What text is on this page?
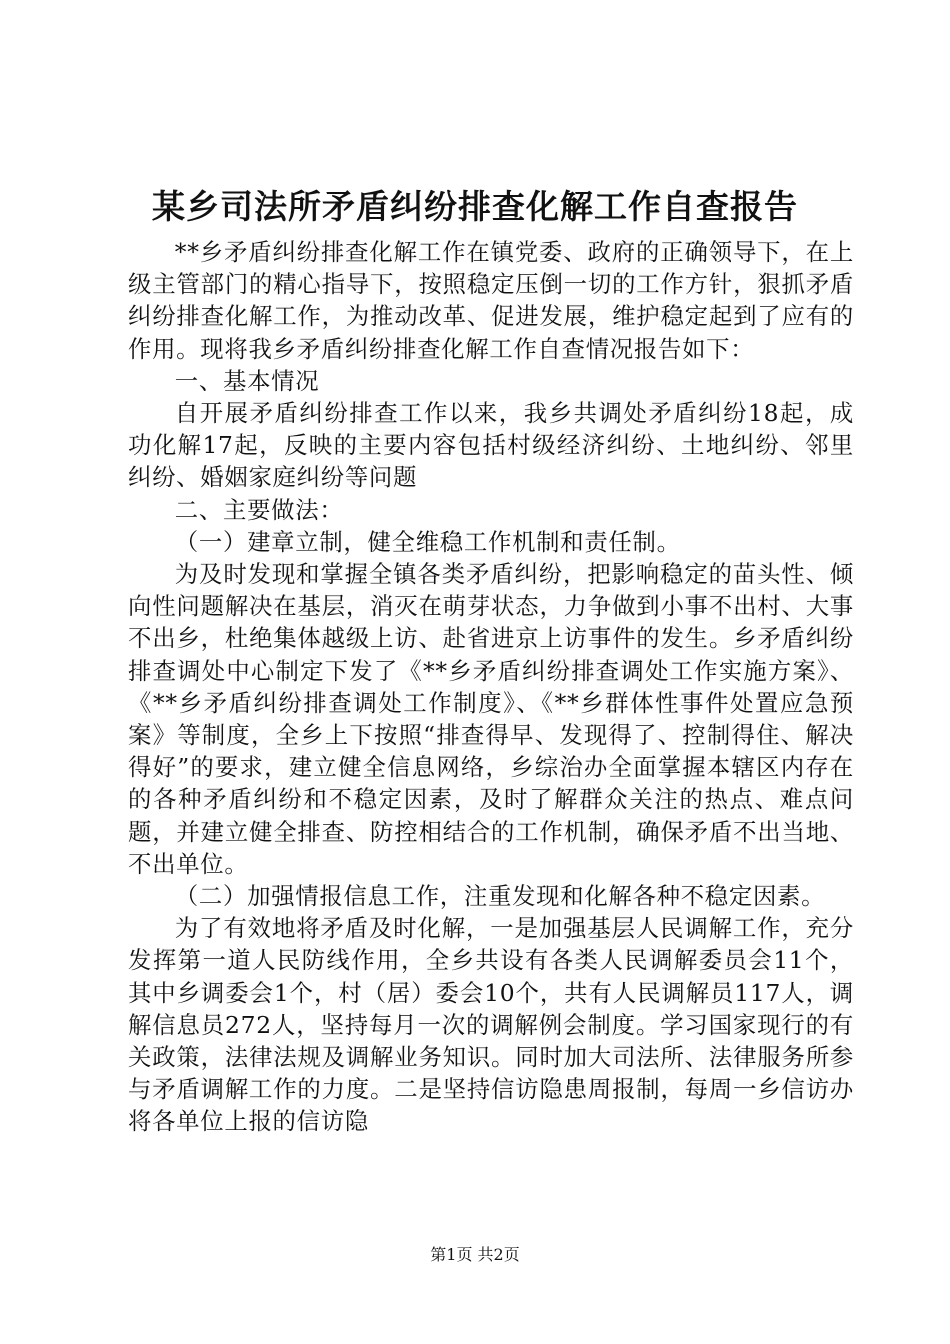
某乡司法所矛盾纠纷排查化解工作自查报告

**乡矛盾纠纷排查化解工作在镇党委、政府的正确领导下，在上级主管部门的精心指导下，按照稳定压倒一切的工作方针，狠抓矛盾纠纷排查化解工作，为推动改革、促进发展，维护稳定起到了应有的作用。现将我乡矛盾纠纷排查化解工作自查情况报告如下：

一、基本情况

自开展矛盾纠纷排查工作以来，我乡共调处矛盾纠纷18起，成功化解17起，反映的主要内容包括村级经济纠纷、土地纠纷、邻里纠纷、婚姻家庭纠纷等问题

二、主要做法：

（一）建章立制，健全维稳工作机制和责任制。

为及时发现和掌握全镇各类矛盾纠纷，把影响稳定的苗头性、倾向性问题解决在基层，消灭在萌芽状态，力争做到小事不出村、大事不出乡，杜绝集体越级上访、赴省进京上访事件的发生。乡矛盾纠纷排查调处中心制定下发了《**乡矛盾纠纷排查调处工作实施方案》、《**乡矛盾纠纷排查调处工作制度》、《**乡群体性事件处置应急预案》等制度，全乡上下按照“排查得早、发现得了、控制得住、解决得好”的要求，建立健全信息网络，乡综治办全面掌握本辖区内存在的各种矛盾纠纷和不稳定因素，及时了解群众关注的热点、难点问题，并建立健全排查、防控相结合的工作机制，确保矛盾不出当地、不出单位。

（二）加强情报信息工作，注重发现和化解各种不稳定因素。

为了有效地将矛盾及时化解，一是加强基层人民调解工作，充分发挥第一道人民防线作用，全乡共设有各类人民调解委员会11个，其中乡调委会1个，村（居）委会10个，共有人民调解员117人，调解信息员272人，坚持每月一次的调解例会制度。学习国家现行的有关政策，法律法规及调解业务知识。同时加大司法所、法律服务所参与矛盾调解工作的力度。二是坚持信访隐患周报制，每周一乡信访办将各单位上报的信访隐

第1页 共2页
